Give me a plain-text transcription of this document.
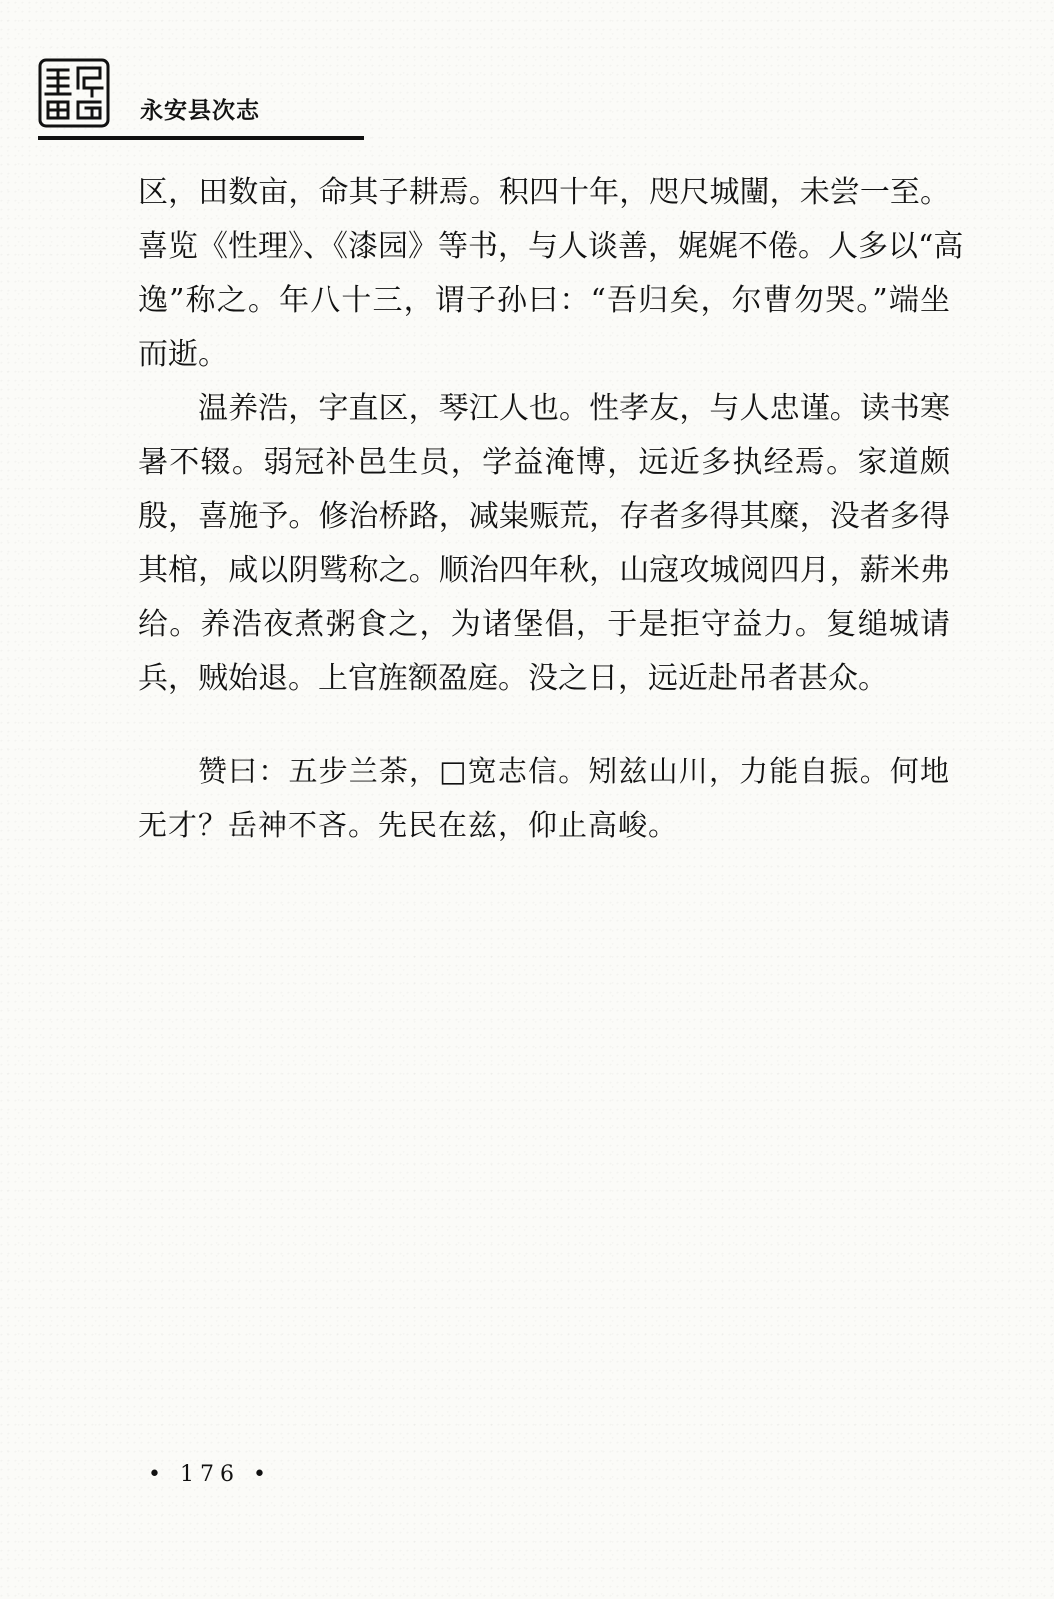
永安县次志
区，田数亩，命其子耕焉。积四十年，咫尺城闉，未尝一至。
喜览《性理》、《漆园》等书，与人谈善，娓娓不倦。人多以“高
逸”称之。年八十三，谓子孙曰：“吾归矣，尔曹勿哭。”端坐
而逝。
温养浩，字直区，琴江人也。性孝友，与人忠谨。读书寒
暑不辍。弱冠补邑生员，学益淹博，远近多执经焉。家道颇
殷，喜施予。修治桥路，减粜赈荒，存者多得其糜，没者多得
其棺，咸以阴骘称之。顺治四年秋，山寇攻城阅四月，薪米弗
给。养浩夜煮粥食之，为诸堡倡，于是拒守益力。复缒城请
兵，贼始退。上官旌额盈庭。没之日，远近赴吊者甚众。
赞曰：五步兰荼，□宽志信。矧兹山川，力能自振。何地
无才？岳神不吝。先民在兹，仰止高峻。
• 176 •
